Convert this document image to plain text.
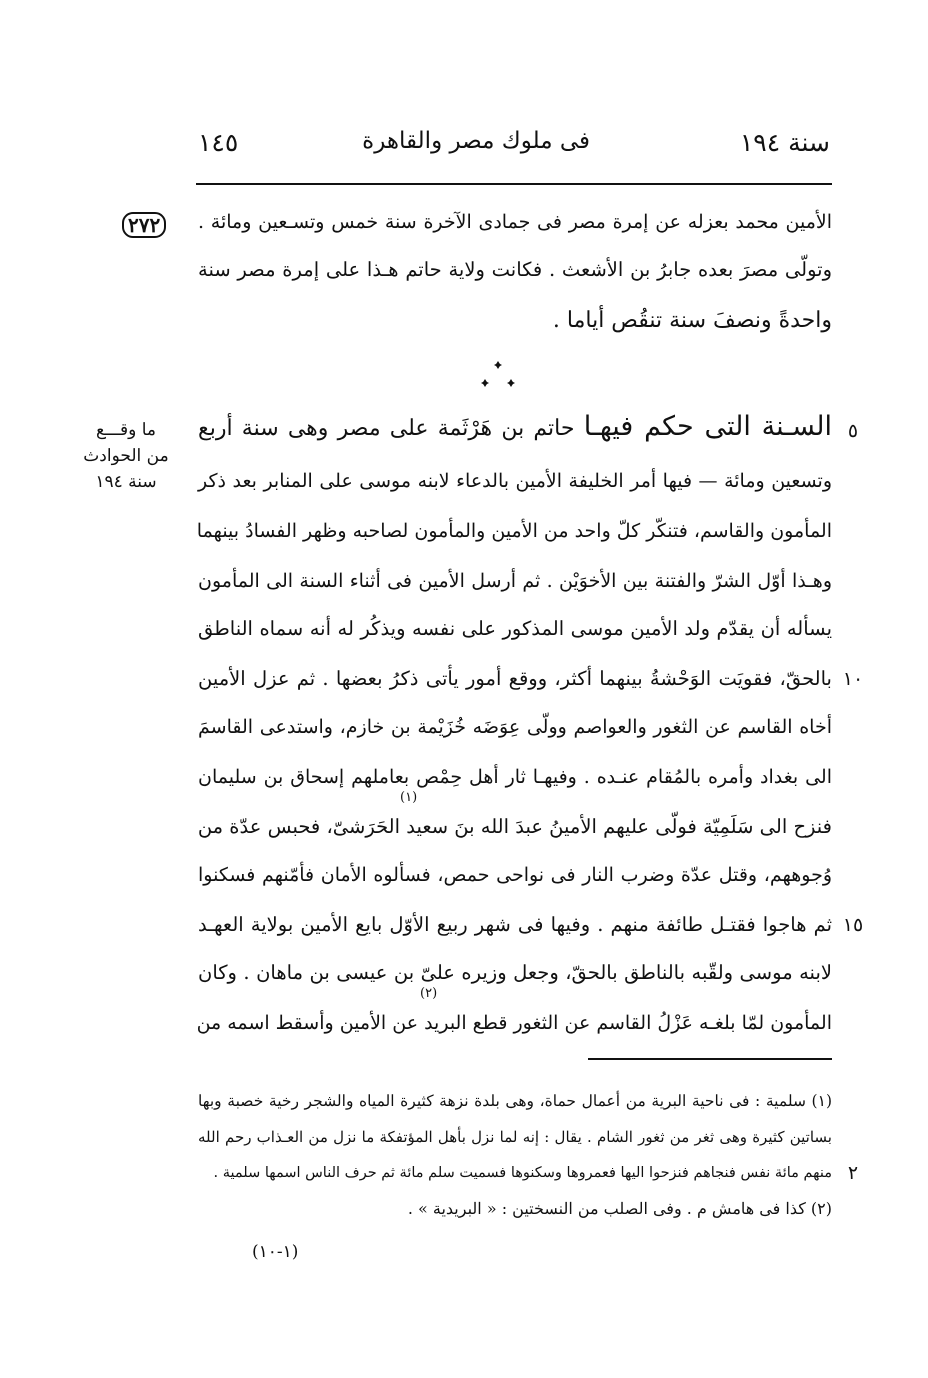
سنة ١٩٤
فى ملوك مصر والقاهرة
١٤٥
٢٧٢	الأمين محمد بعزله عن إمرة مصر فى جمادى الآخرة سنة خمس وتسـعين ومائة .
وتولّى مصرَ بعده جابرُ بن الأشعث . فكانت ولاية حاتم هـذا على إمرة مصر سنة
واحدةً ونصفَ سنة تنقُص أياما .
ما وقـــع
من الحوادث
سنة ١٩٤
٥
١٠
١٥
٢
السـنة التى حكم فيهـا حاتم بن هَرْثَمة على مصر وهى سنة أربع
وتسعين ومائة — فيها أمر الخليفة الأمين بالدعاء لابنه موسى على المنابر بعد ذكر
المأمون والقاسم، فتنكّر كلّ واحد من الأمين والمأمون لصاحبه وظهر الفسادُ بينهما
وهـذا أوّل الشرّ والفتنة بين الأخوَيْن . ثم أرسل الأمين فى أثناء السنة الى المأمون
يسأله أن يقدّم ولد الأمين موسى المذكور على نفسه ويذكُر له أنه سماه الناطق
بالحقّ، فقويَت الوَحْشةُ بينهما أكثر، ووقع أمور يأتى ذكرُ بعضها . ثم عزل الأمين
أخاه القاسم عن الثغور والعواصم وولّى عِوَضَه خُزَيْمة بن خازم، واستدعى القاسمَ
الى بغداد وأمره بالمُقام عنـده . وفيهـا ثار أهل حِمْص بعاملهم إسحاق بن سليمان
(١)
فنزح الى سَلَمِيّة فولّى عليهم الأمينُ عبدَ الله بنَ سعيد الحَرَشىّ، فحبس عدّة من
وُجوههم، وقتل عدّة وضرب النار فى نواحى حمص، فسألوه الأمان فأمّنهم فسكنوا
ثم هاجوا فقتـل طائفة منهم . وفيها فى شهر ربيع الأوّل بايع الأمين بولاية العهـد
لابنه موسى ولقّبه بالناطق بالحقّ، وجعل وزيره علىّ بن عيسى بن ماهان . وكان
(٢)
المأمون لمّا بلغـه عَزْلُ القاسم عن الثغور قطع البريد عن الأمين وأسقط اسمه من
(١) سلمية : فى ناحية البرية من أعمال حماة، وهى بلدة نزهة كثيرة المياه والشجر رخية خصبة وبها
بساتين كثيرة وهى ثغر من ثغور الشام . يقال : إنه لما نزل بأهل المؤتفكة ما نزل من العـذاب رحم الله
منهم مائة نفس فنجاهم فنزحوا اليها فعمروها وسكنوها فسميت سلم مائة ثم حرف الناس اسمها سلمية .
(٢) كذا فى هامش م . وفى الصلب من النسختين : « البريدية » .
(١-١٠)
